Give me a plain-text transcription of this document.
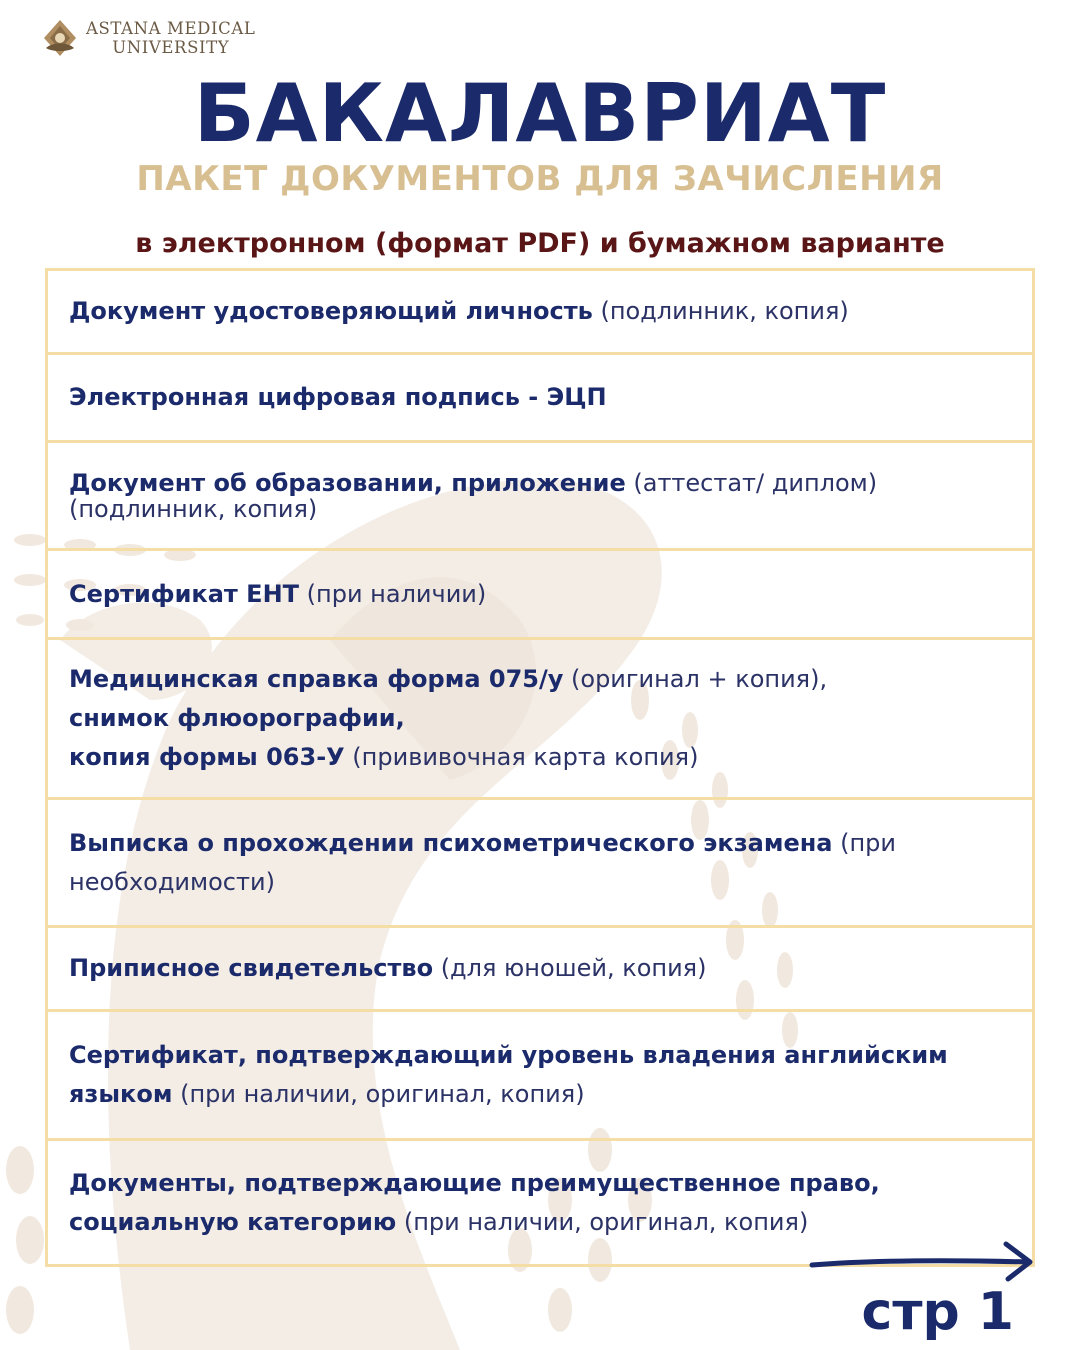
ASTANA MEDICAL
UNIVERSITY
БАКАЛАВРИАТ
ПАКЕТ ДОКУМЕНТОВ ДЛЯ ЗАЧИСЛЕНИЯ
в электронном (формат PDF) и бумажном варианте
Документ удостоверяющий личность (подлинник, копия)
Электронная цифровая подпись - ЭЦП
Документ об образовании, приложение (аттестат/ диплом) (подлинник, копия)
Сертификат ЕНТ (при наличии)
Медицинская справка форма 075/у (оригинал + копия),
снимок флюорографии,
копия формы 063-У (прививочная карта копия)
Выписка о прохождении психометрического экзамена (при необходимости)
Приписное свидетельство (для юношей, копия)
Сертификат, подтверждающий уровень владения английским языком (при наличии, оригинал, копия)
Документы, подтверждающие преимущественное право, социальную категорию (при наличии, оригинал, копия)
стр 1
